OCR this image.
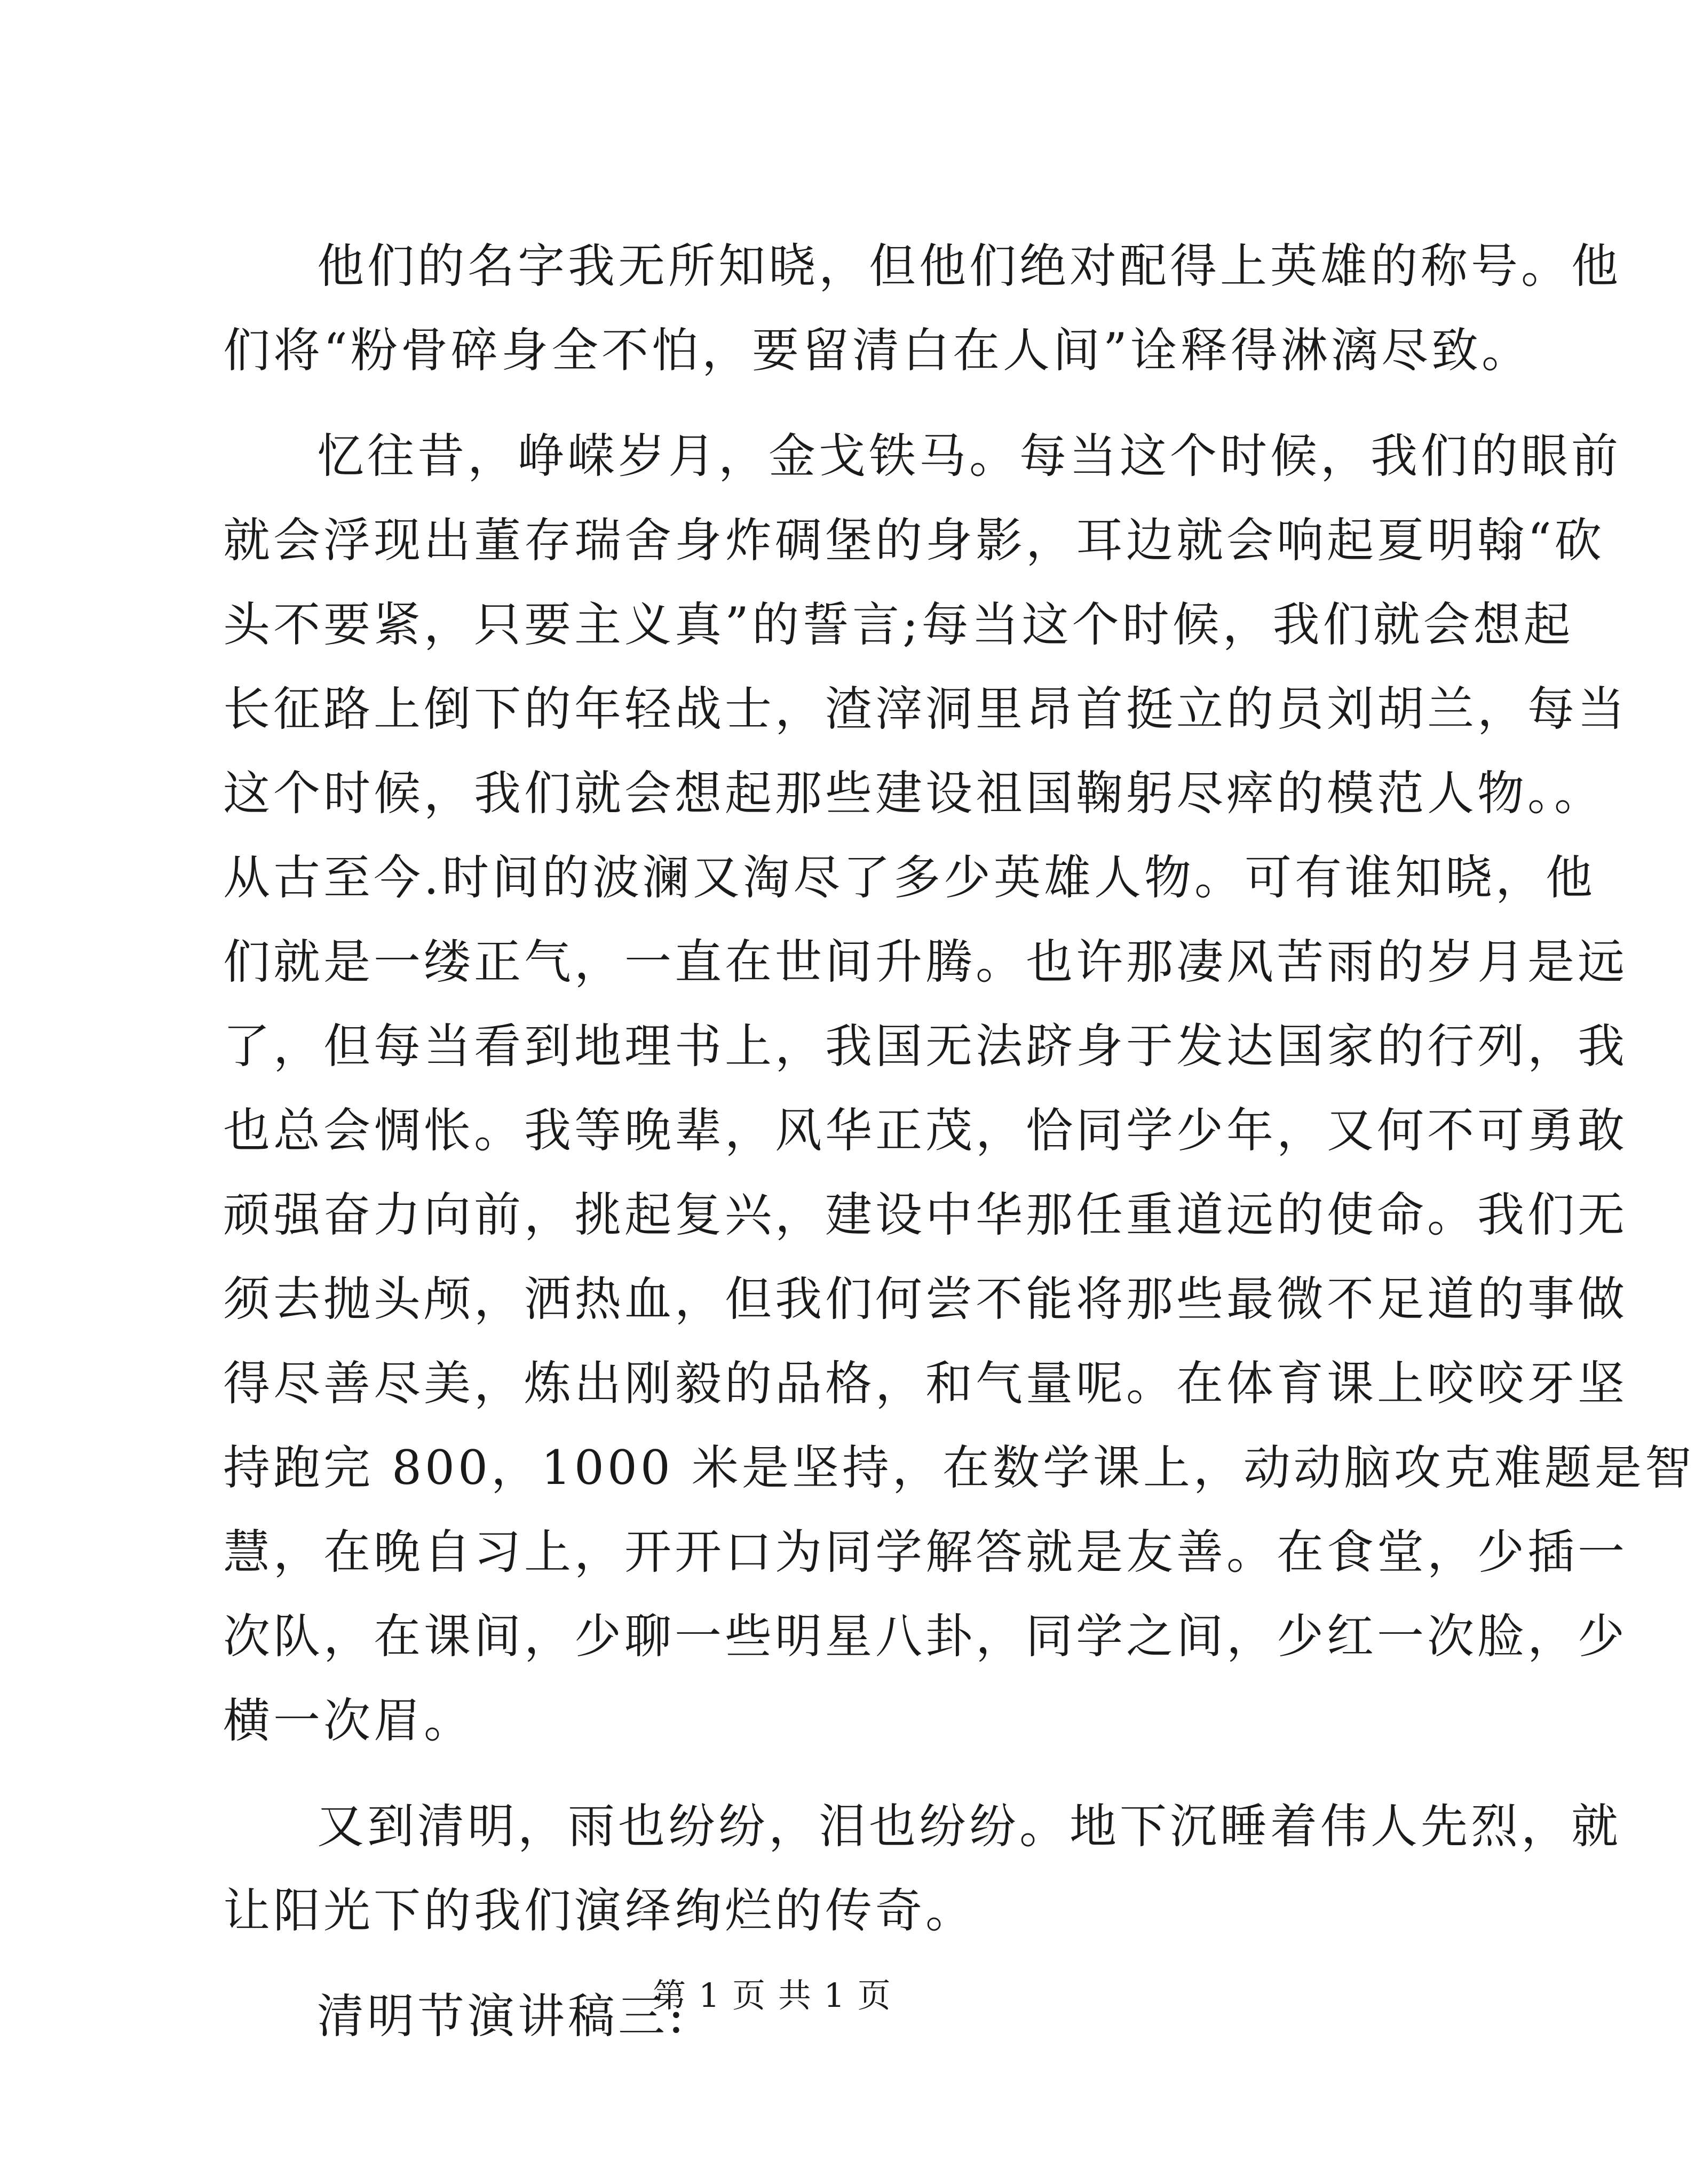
他们的名字我无所知晓，但他们绝对配得上英雄的称号。他
们将“粉骨碎身全不怕，要留清白在人间”诠释得淋漓尽致。

忆往昔，峥嵘岁月，金戈铁马。每当这个时候，我们的眼前
就会浮现出董存瑞舍身炸碉堡的身影，耳边就会响起夏明翰“砍
头不要紧，只要主义真”的誓言;每当这个时候，我们就会想起
长征路上倒下的年轻战士，渣滓洞里昂首挺立的员刘胡兰，每当
这个时候，我们就会想起那些建设祖国鞠躬尽瘁的模范人物。。
从古至今.时间的波澜又淘尽了多少英雄人物。可有谁知晓，他
们就是一缕正气，一直在世间升腾。也许那凄风苦雨的岁月是远
了，但每当看到地理书上，我国无法跻身于发达国家的行列，我
也总会惆怅。我等晚辈，风华正茂，恰同学少年，又何不可勇敢
顽强奋力向前，挑起复兴，建设中华那任重道远的使命。我们无
须去抛头颅，洒热血，但我们何尝不能将那些最微不足道的事做
得尽善尽美，炼出刚毅的品格，和气量呢。在体育课上咬咬牙坚
持跑完 800，1000 米是坚持，在数学课上，动动脑攻克难题是智
慧，在晚自习上，开开口为同学解答就是友善。在食堂，少插一
次队，在课间，少聊一些明星八卦，同学之间，少红一次脸，少
横一次眉。

又到清明，雨也纷纷，泪也纷纷。地下沉睡着伟人先烈，就
让阳光下的我们演绎绚烂的传奇。

清明节演讲稿三:

第 1 页 共 1 页
